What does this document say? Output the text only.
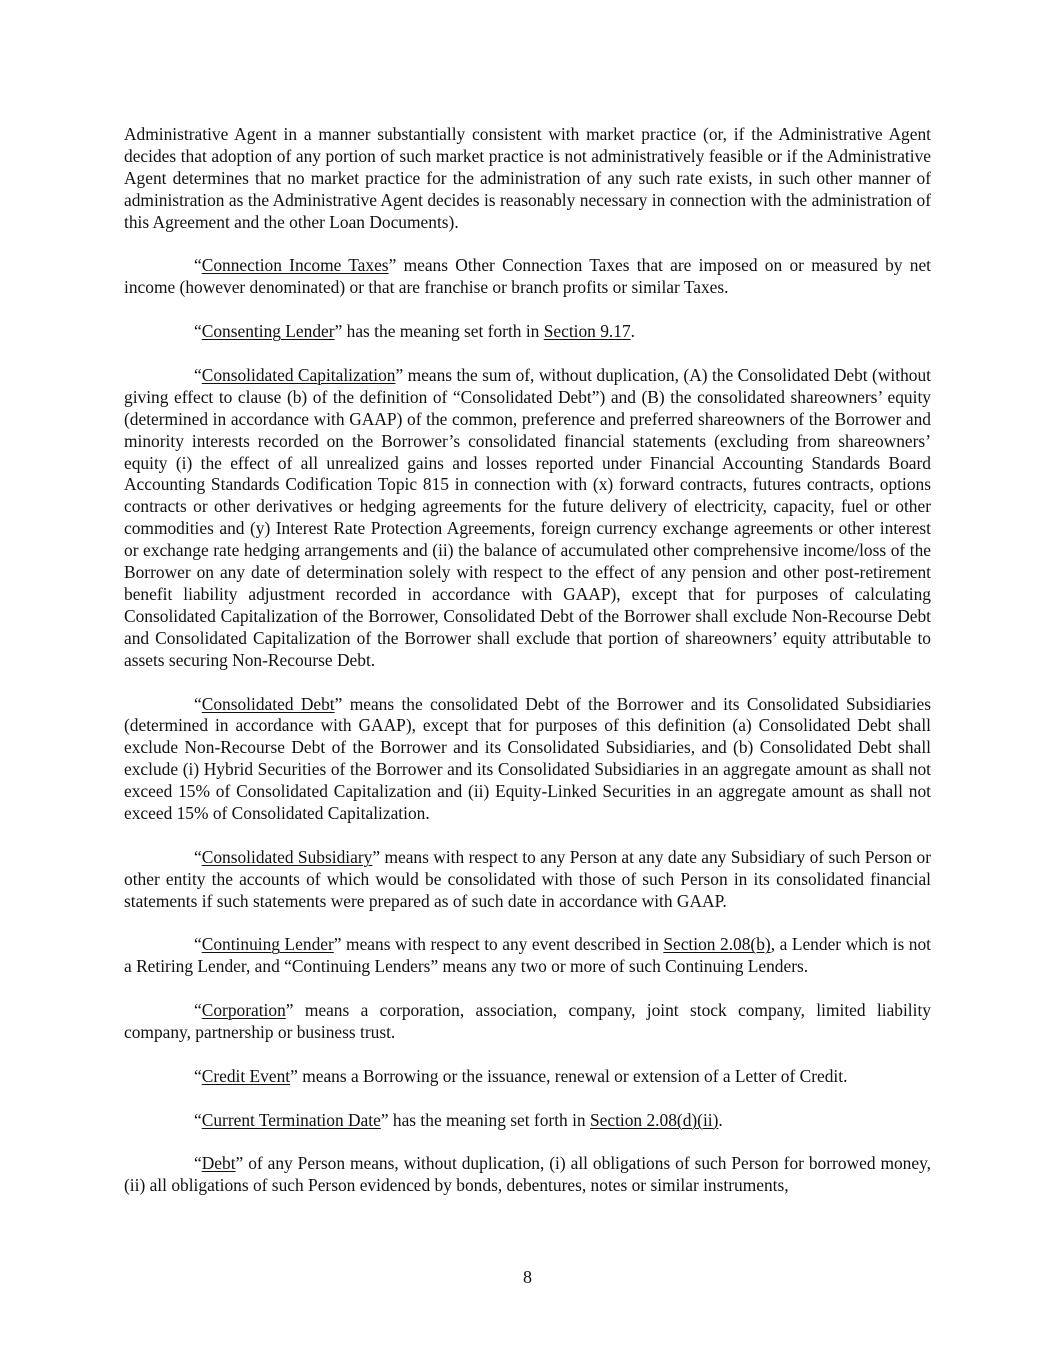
Administrative Agent in a manner substantially consistent with market practice (or, if the Administrative Agent decides that adoption of any portion of such market practice is not administratively feasible or if the Administrative Agent determines that no market practice for the administration of any such rate exists, in such other manner of administration as the Administrative Agent decides is reasonably necessary in connection with the administration of this Agreement and the other Loan Documents).

“Connection Income Taxes” means Other Connection Taxes that are imposed on or measured by net income (however denominated) or that are franchise or branch profits or similar Taxes.

“Consenting Lender” has the meaning set forth in Section 9.17.

“Consolidated Capitalization” means the sum of, without duplication, (A) the Consolidated Debt (without giving effect to clause (b) of the definition of “Consolidated Debt”) and (B) the consolidated shareowners’ equity (determined in accordance with GAAP) of the common, preference and preferred shareowners of the Borrower and minority interests recorded on the Borrower’s consolidated financial statements (excluding from shareowners’ equity (i) the effect of all unrealized gains and losses reported under Financial Accounting Standards Board Accounting Standards Codification Topic 815 in connection with (x) forward contracts, futures contracts, options contracts or other derivatives or hedging agreements for the future delivery of electricity, capacity, fuel or other commodities and (y) Interest Rate Protection Agreements, foreign currency exchange agreements or other interest or exchange rate hedging arrangements and (ii) the balance of accumulated other comprehensive income/loss of the Borrower on any date of determination solely with respect to the effect of any pension and other post-retirement benefit liability adjustment recorded in accordance with GAAP), except that for purposes of calculating Consolidated Capitalization of the Borrower, Consolidated Debt of the Borrower shall exclude Non-Recourse Debt and Consolidated Capitalization of the Borrower shall exclude that portion of shareowners’ equity attributable to assets securing Non-Recourse Debt.

“Consolidated Debt” means the consolidated Debt of the Borrower and its Consolidated Subsidiaries (determined in accordance with GAAP), except that for purposes of this definition (a) Consolidated Debt shall exclude Non-Recourse Debt of the Borrower and its Consolidated Subsidiaries, and (b) Consolidated Debt shall exclude (i) Hybrid Securities of the Borrower and its Consolidated Subsidiaries in an aggregate amount as shall not exceed 15% of Consolidated Capitalization and (ii) Equity-Linked Securities in an aggregate amount as shall not exceed 15% of Consolidated Capitalization.

“Consolidated Subsidiary” means with respect to any Person at any date any Subsidiary of such Person or other entity the accounts of which would be consolidated with those of such Person in its consolidated financial statements if such statements were prepared as of such date in accordance with GAAP.

“Continuing Lender” means with respect to any event described in Section 2.08(b), a Lender which is not a Retiring Lender, and “Continuing Lenders” means any two or more of such Continuing Lenders.

“Corporation” means a corporation, association, company, joint stock company, limited liability company, partnership or business trust.

“Credit Event” means a Borrowing or the issuance, renewal or extension of a Letter of Credit.

“Current Termination Date” has the meaning set forth in Section 2.08(d)(ii).

“Debt” of any Person means, without duplication, (i) all obligations of such Person for borrowed money, (ii) all obligations of such Person evidenced by bonds, debentures, notes or similar instruments,

8
